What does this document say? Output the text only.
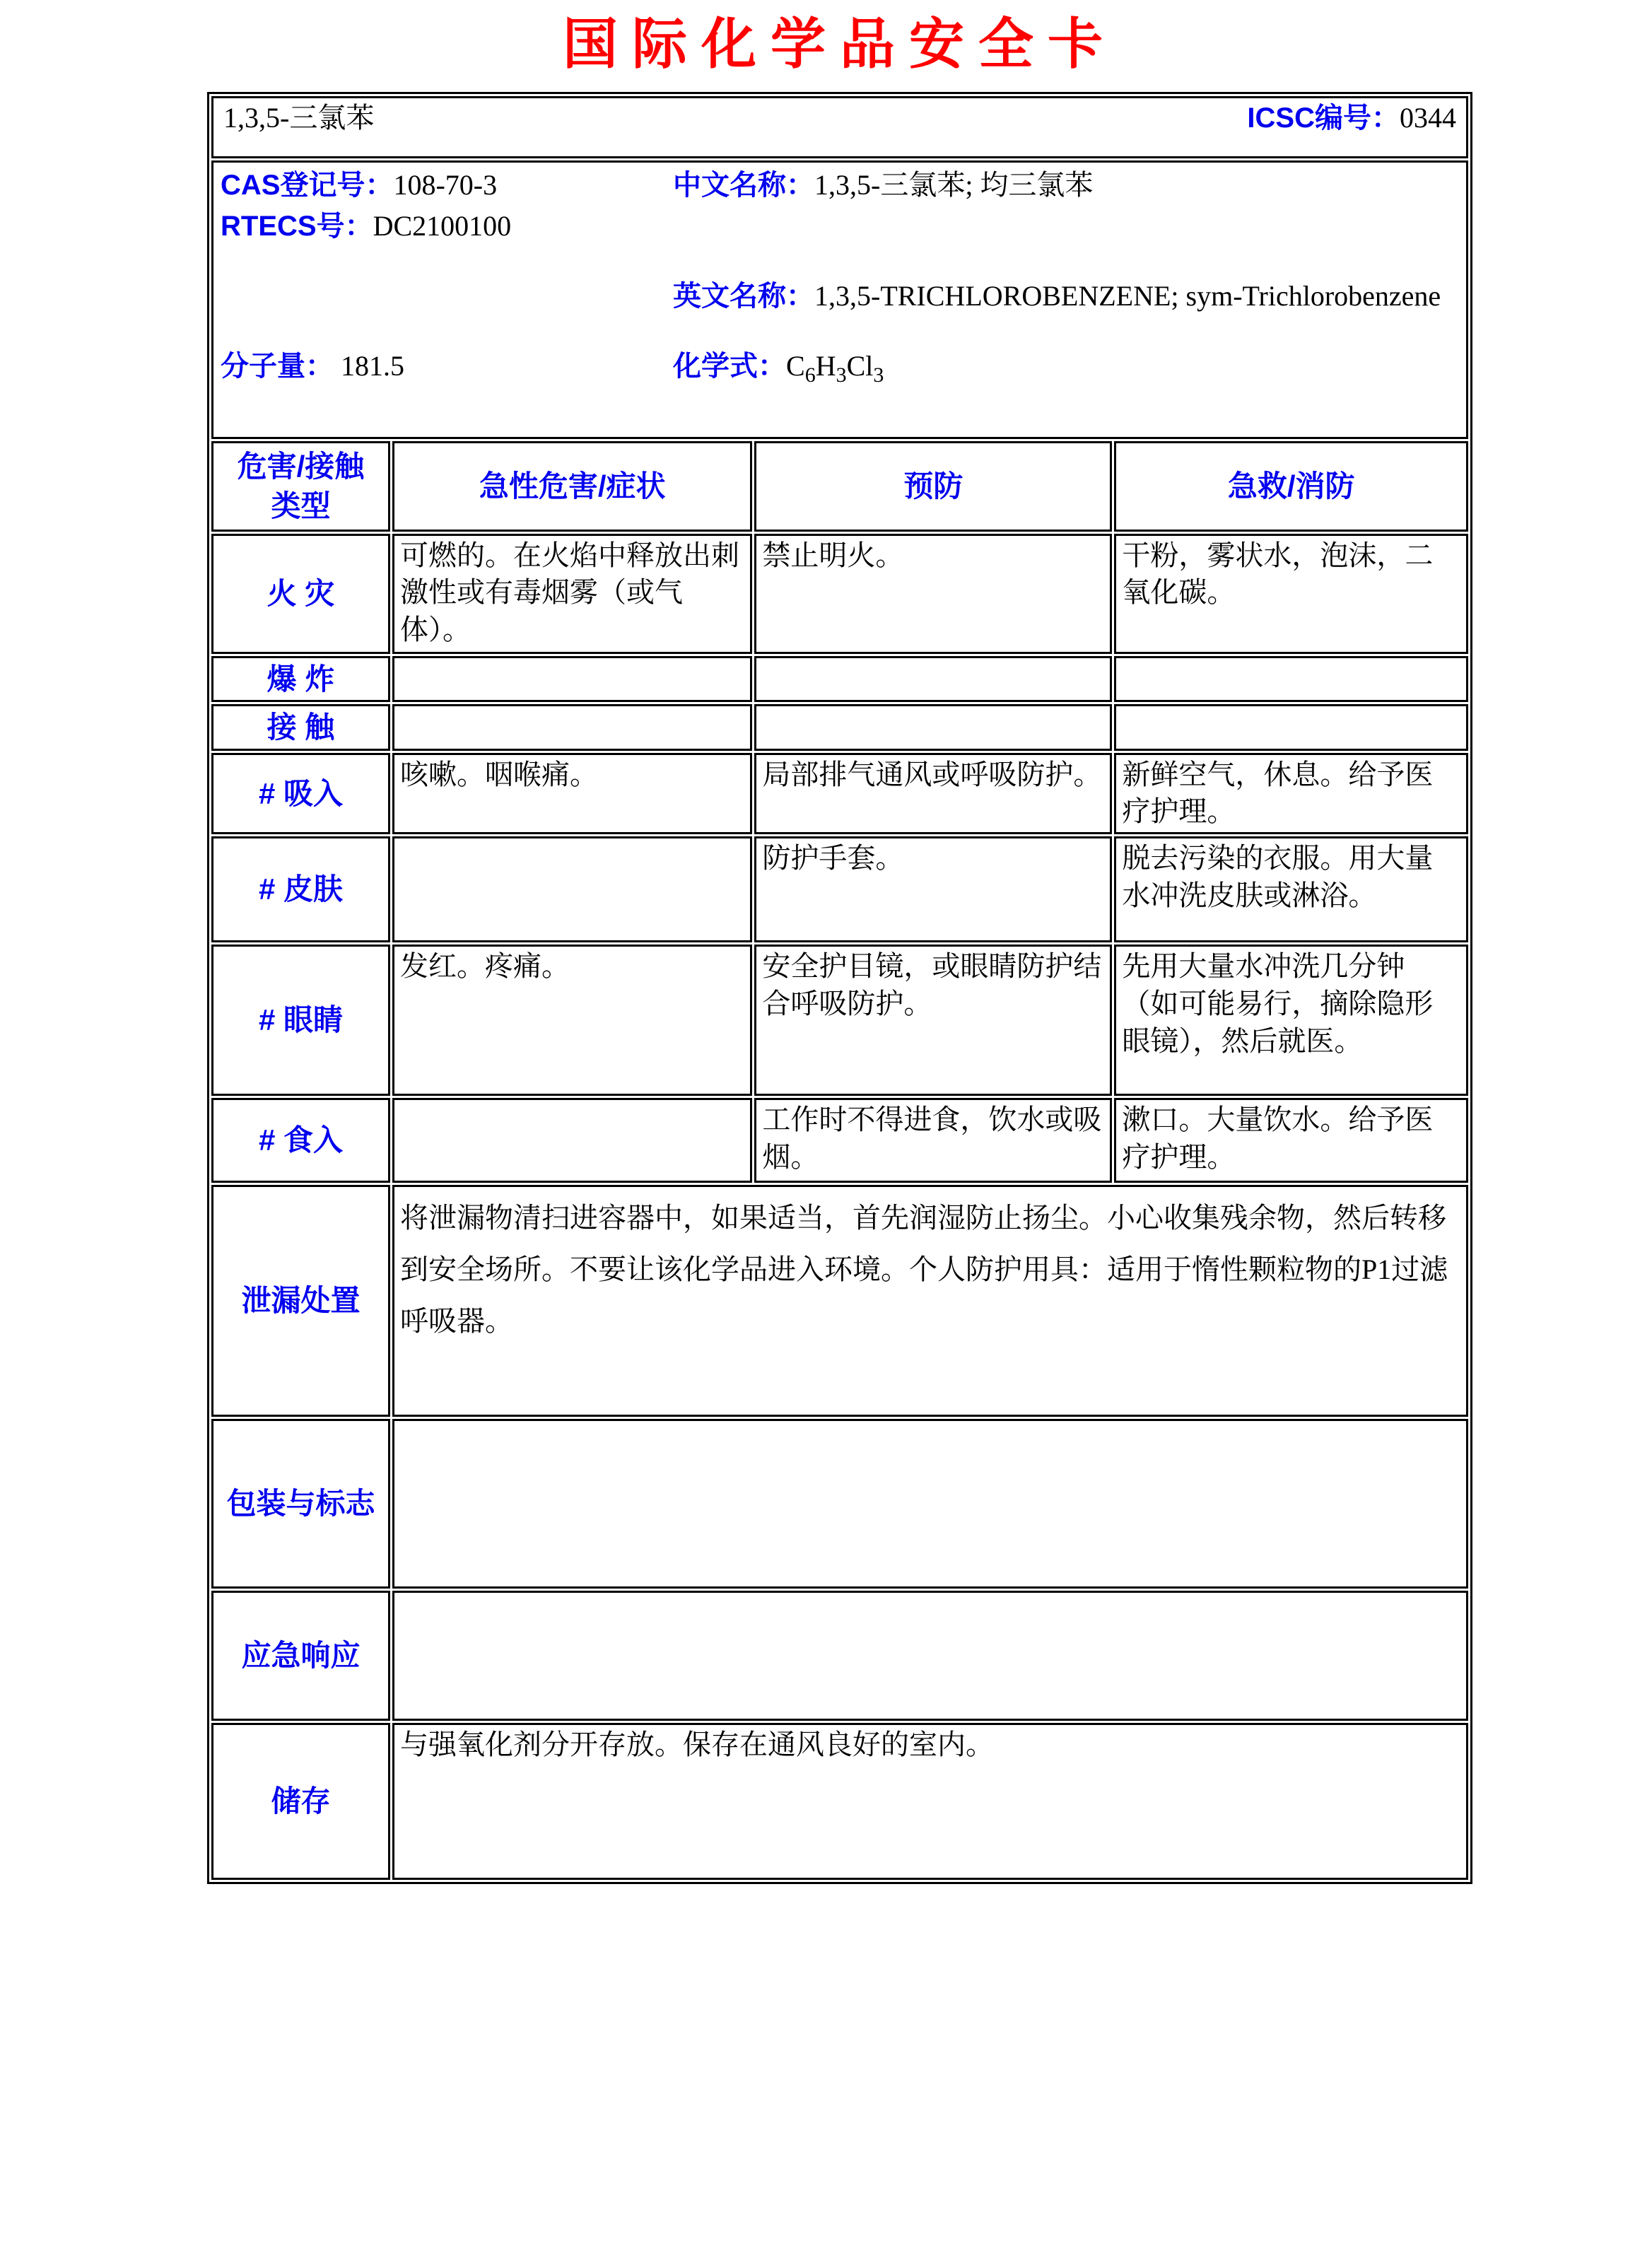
国际化学品安全卡
1,3,5-三氯苯 ICSC编号：0344			

CAS登记号：108-70-3	中文名称：1,3,5-三氯苯; 均三氯苯
RTECS号：DC2100100
英文名称：1,3,5-TRICHLOROBENZENE; sym-Trichlorobenzene
分子量： 181.5	化学式：$C_6H_3Cl_3$

危害/接触
类型	急性危害/症状	预防	急救/消防
火 灾	可燃的。在火焰中释放出刺激性或有毒烟雾（或气体）。	禁止明火。	干粉，雾状水，泡沫，二氧化碳。
爆 炸			
接 触			
# 吸入	咳嗽。咽喉痛。	局部排气通风或呼吸防护。	新鲜空气，休息。给予医疗护理。
# 皮肤		防护手套。	脱去污染的衣服。用大量水冲洗皮肤或淋浴。
# 眼睛	发红。疼痛。	安全护目镜，或眼睛防护结合呼吸防护。	先用大量水冲洗几分钟（如可能易行，摘除隐形眼镜），然后就医。
# 食入		工作时不得进食，饮水或吸烟。	漱口。大量饮水。给予医疗护理。
泄漏处置	将泄漏物清扫进容器中，如果适当，首先润湿防止扬尘。小心收集残余物，然后转移到安全场所。不要让该化学品进入环境。个人防护用具：适用于惰性颗粒物的P1过滤呼吸器。		
包装与标志			
应急响应			
储存	与强氧化剂分开存放。保存在通风良好的室内。		
